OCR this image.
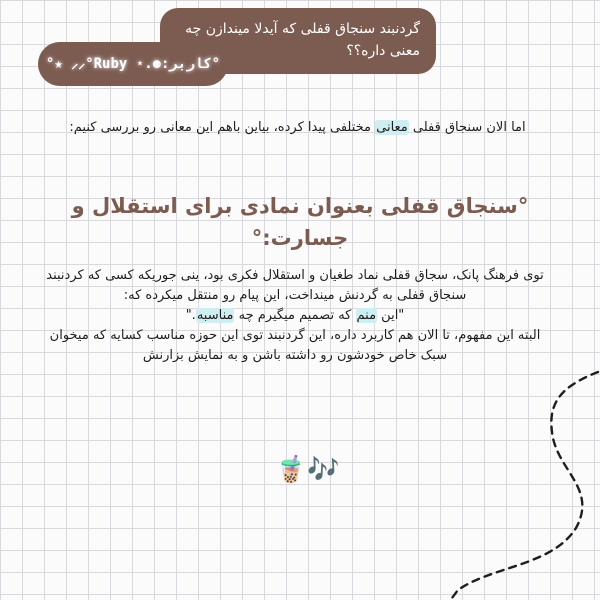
گردنبند سنجاق قفلی که آیدلا میندازن چه معنی داره؟؟
°★ ⸝⸝°Ruby ⋆.⚈:کاربر°
اما الان سنجاق قفلی معانی مختلفی پیدا کرده، بیاین باهم این معانی رو بررسی کنیم:
°سنجاق قفلی بعنوان نمادی برای استقلال و جسارت:°

توی فرهنگ پانک، سجاق قفلی نماد طغیان و استقلال فکری بود، ینی جوریکه کسی که کردنبند سنجاق قفلی به گردنش مینداخت، این پیام رو منتقل میکرده که:

"این منم که تصمیم میگیرم چه مناسبه."

البته این مفهوم، تا الان هم کاربرد داره، این گردنبند توی این حوزه مناسب کسایه که میخوان سبک خاص خودشون رو داشته باشن و به نمایش بزارنش

🧋🎶
